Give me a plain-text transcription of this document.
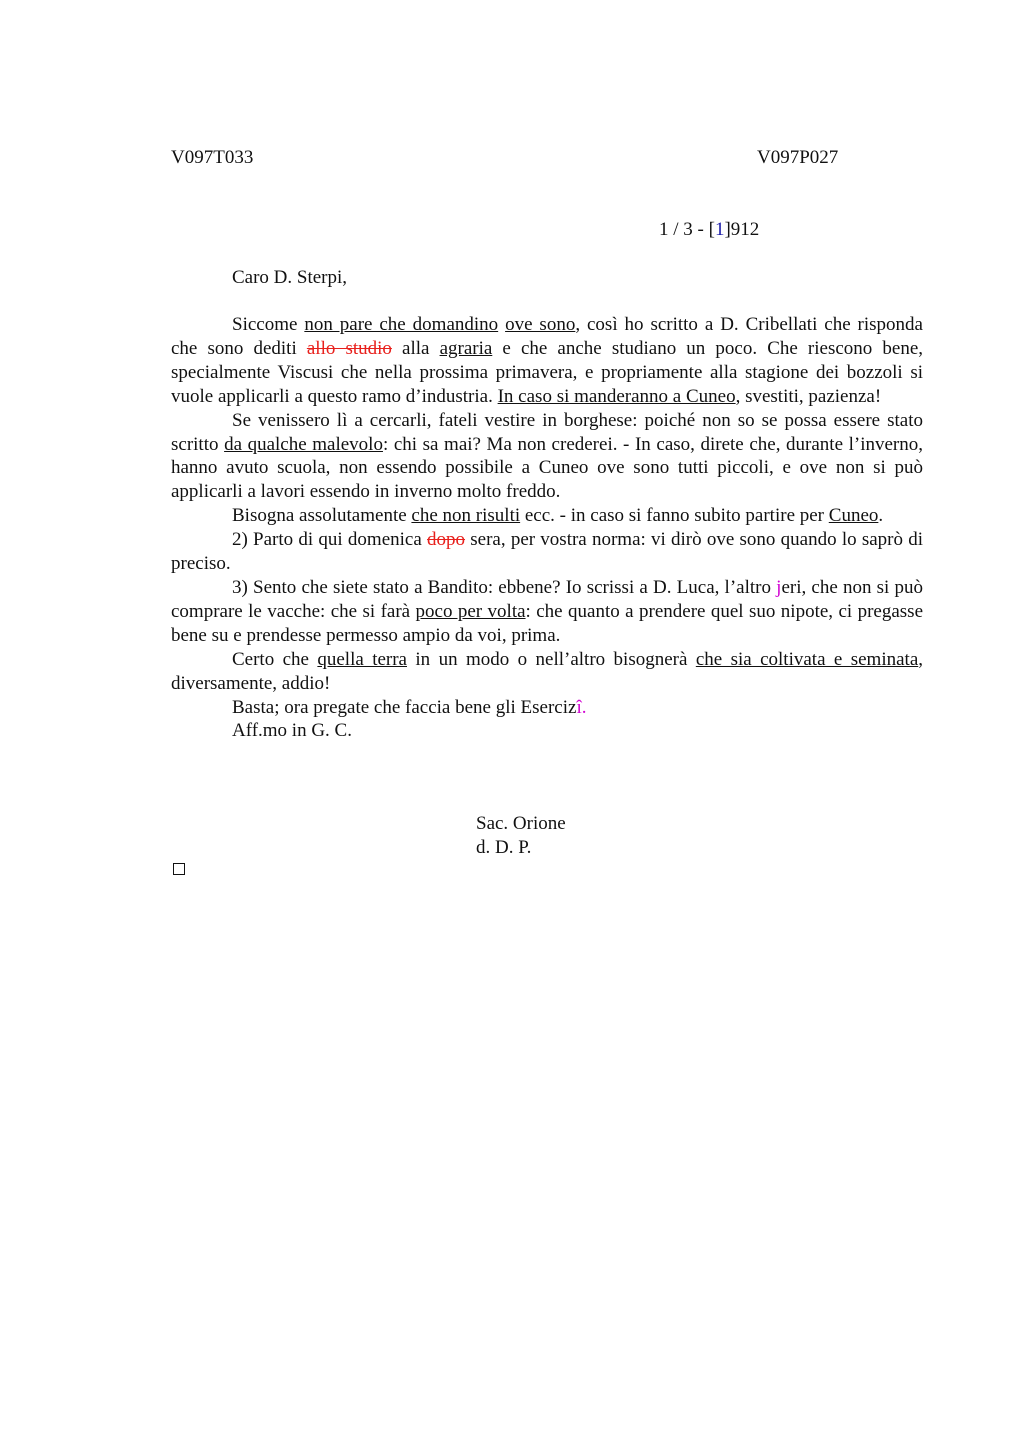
V097T033	V097P027
1 / 3 - [1]912
Caro D. Sterpi,

Siccome non pare che domandino ove sono, così ho scritto a D. Cribellati che risponda che sono dediti allo studio alla agraria e che anche studiano un poco. Che riescono bene, specialmente Viscusi che nella prossima primavera, e propriamente alla stagione dei bozzoli si vuole applicarli a questo ramo d’industria. In caso si manderanno a Cuneo, svestiti, pazienza!

Se venissero lì a cercarli, fateli vestire in borghese: poiché non so se possa essere stato scritto da qualche malevolo: chi sa mai? Ma non crederei. - In caso, direte che, durante l’inverno, hanno avuto scuola, non essendo possibile a Cuneo ove sono tutti piccoli, e ove non si può applicarli a lavori essendo in inverno molto freddo.

Bisogna assolutamente che non risulti ecc. - in caso si fanno subito partire per Cuneo.

2) Parto di qui domenica dopo sera, per vostra norma: vi dirò ove sono quando lo saprò di preciso.

3) Sento che siete stato a Bandito: ebbene? Io scrissi a D. Luca, l’altro jeri, che non si può comprare le vacche: che si farà poco per volta: che quanto a prendere quel suo nipote, ci pregasse bene su e prendesse permesso ampio da voi, prima.

Certo che quella terra in un modo o nell’altro bisognerà che sia coltivata e seminata, diversamente, addio!

Basta; ora pregate che faccia bene gli Esercizî.

Aff.mo in G. C.

Sac. Orione
d. D. P.
